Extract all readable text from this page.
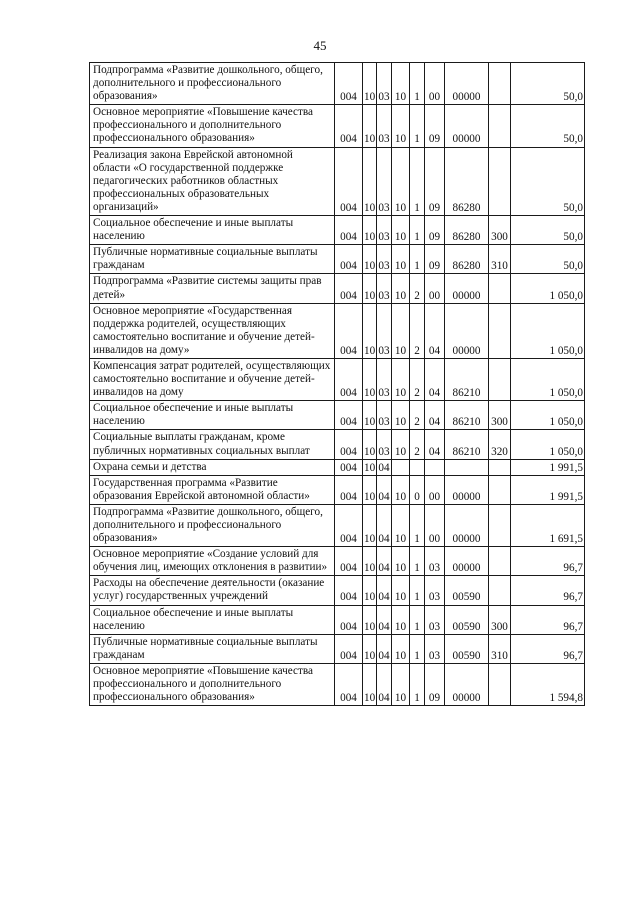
45
Подпрограмма «Развитие дошкольного, общего, дополнительного и профессионального образования»	004	10	03	10	1	00	00000		50,0
Основное мероприятие «Повышение качества профессионального и дополнительного профессионального образования»	004	10	03	10	1	09	00000		50,0
Реализация закона Еврейской автономной области «О государственной поддержке педагогических работников областных профессиональных образовательных организаций»	004	10	03	10	1	09	86280		50,0
Социальное обеспечение и иные выплаты населению	004	10	03	10	1	09	86280	300	50,0
Публичные нормативные социальные выплаты гражданам	004	10	03	10	1	09	86280	310	50,0
Подпрограмма «Развитие системы защиты прав детей»	004	10	03	10	2	00	00000		1 050,0
Основное мероприятие «Государственная поддержка родителей, осуществляющих самостоятельно воспитание и обучение детей-инвалидов на дому»	004	10	03	10	2	04	00000		1 050,0
Компенсация затрат родителей, осуществляющих самостоятельно воспитание и обучение детей-инвалидов на дому	004	10	03	10	2	04	86210		1 050,0
Социальное обеспечение и иные выплаты населению	004	10	03	10	2	04	86210	300	1 050,0
Социальные выплаты гражданам, кроме публичных нормативных социальных выплат	004	10	03	10	2	04	86210	320	1 050,0
Охрана семьи и детства	004	10	04						1 991,5
Государственная программа «Развитие образования Еврейской автономной области»	004	10	04	10	0	00	00000		1 991,5
Подпрограмма «Развитие дошкольного, общего, дополнительного и профессионального образования»	004	10	04	10	1	00	00000		1 691,5
Основное мероприятие «Создание условий для обучения лиц, имеющих отклонения в развитии»	004	10	04	10	1	03	00000		96,7
Расходы на обеспечение деятельности (оказание услуг) государственных учреждений	004	10	04	10	1	03	00590		96,7
Социальное обеспечение и иные выплаты населению	004	10	04	10	1	03	00590	300	96,7
Публичные нормативные социальные выплаты гражданам	004	10	04	10	1	03	00590	310	96,7
Основное мероприятие «Повышение качества профессионального и дополнительного профессионального образования»	004	10	04	10	1	09	00000		1 594,8
